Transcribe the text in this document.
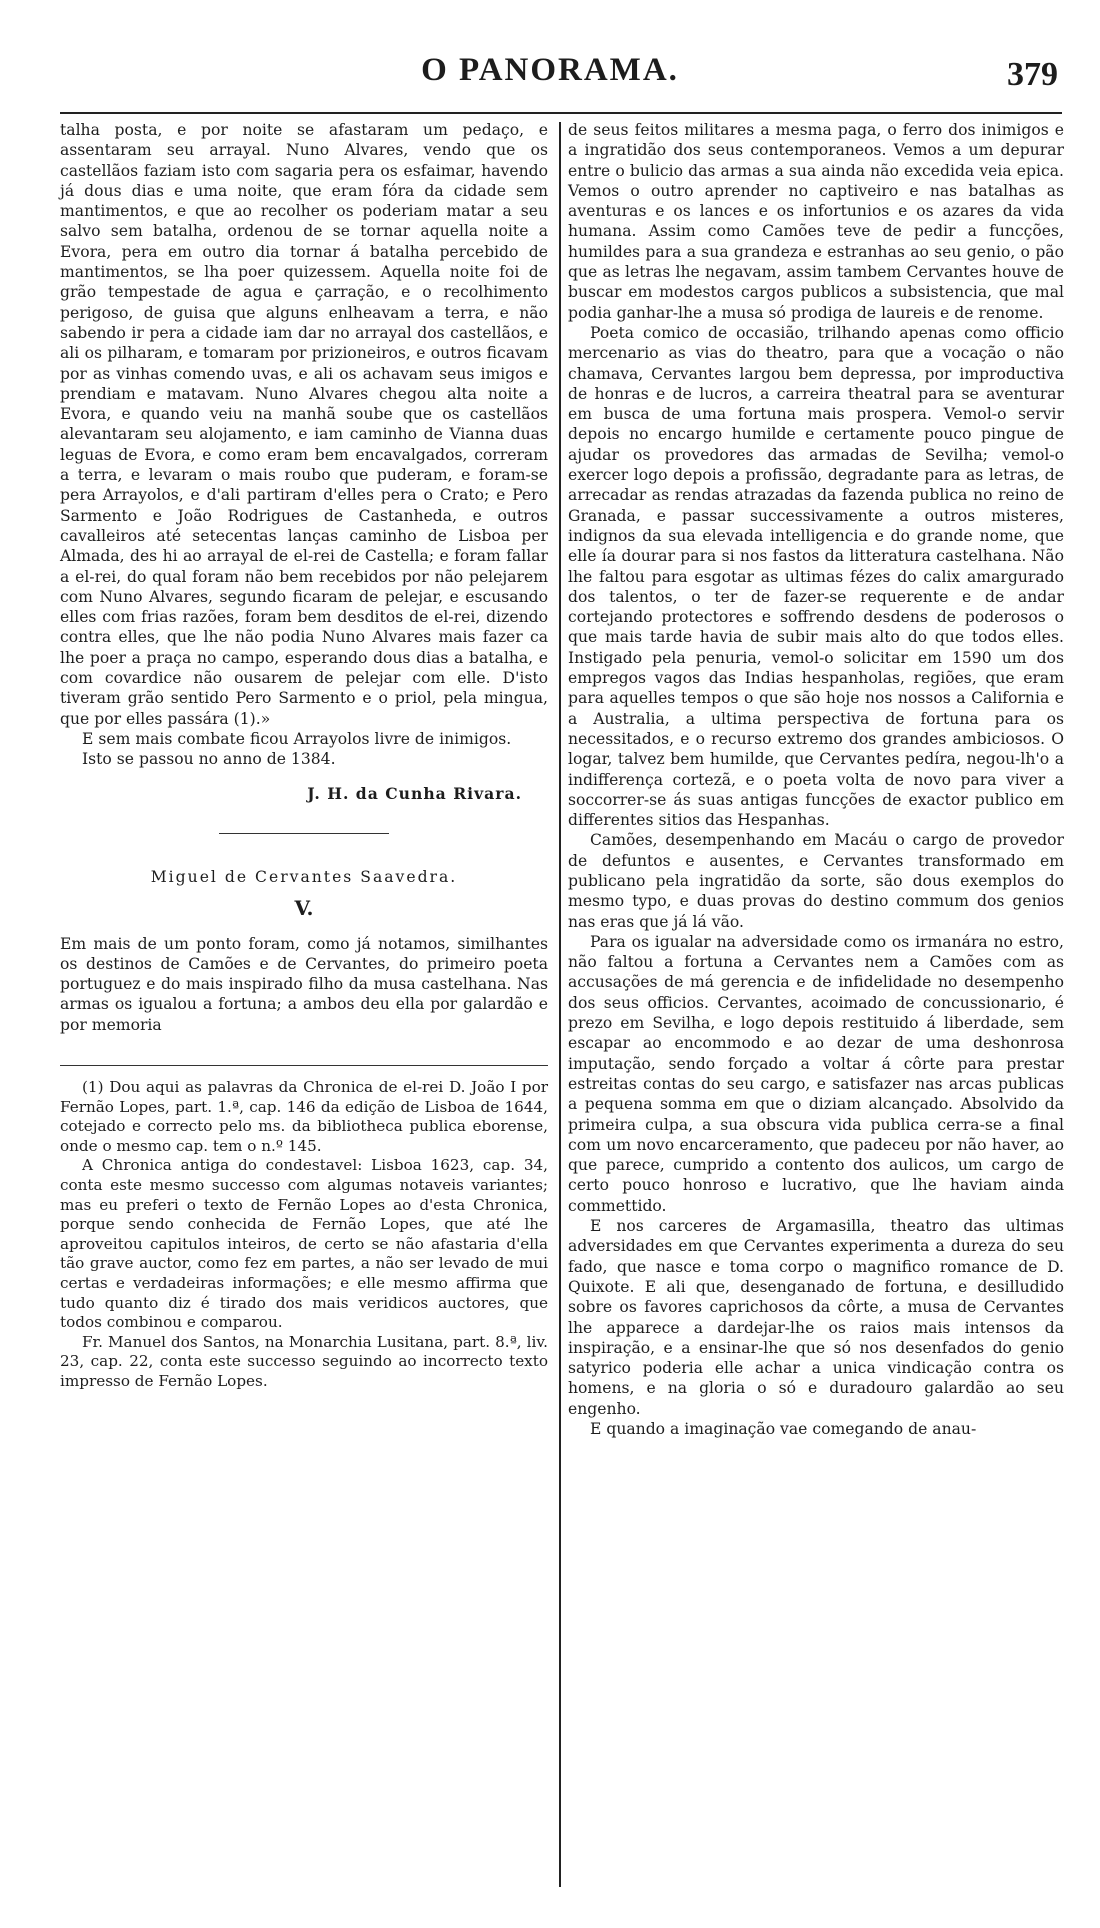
O PANORAMA.	379

talha posta, e por noite se afastaram um pedaço, e assentaram seu arrayal. Nuno Alvares, vendo que os castellãos faziam isto com sagaria pera os esfaimar, havendo já dous dias e uma noite, que eram fóra da cidade sem mantimentos, e que ao recolher os poderiam matar a seu salvo sem batalha, ordenou de se tornar aquella noite a Evora, pera em outro dia tornar á batalha percebido de mantimentos, se lha poer quizessem. Aquella noite foi de grão tempestade de agua e çarração, e o recolhimento perigoso, de guisa que alguns enlheavam a terra, e não sabendo ir pera a cidade iam dar no arrayal dos castellãos, e ali os pilharam, e tomaram por prizioneiros, e outros ficavam por as vinhas comendo uvas, e ali os achavam seus imigos e prendiam e matavam. Nuno Alvares chegou alta noite a Evora, e quando veiu na manhã soube que os castellãos alevantaram seu alojamento, e iam caminho de Vianna duas leguas de Evora, e como eram bem encavalgados, correram a terra, e levaram o mais roubo que puderam, e foram-se pera Arrayolos, e d'ali partiram d'elles pera o Crato; e Pero Sarmento e João Rodrigues de Castanheda, e outros cavalleiros até setecentas lanças caminho de Lisboa per Almada, des hi ao arrayal de el-rei de Castella; e foram fallar a el-rei, do qual foram não bem recebidos por não pelejarem com Nuno Alvares, segundo ficaram de pelejar, e escusando elles com frias razões, foram bem desditos de el-rei, dizendo contra elles, que lhe não podia Nuno Alvares mais fazer ca lhe poer a praça no campo, esperando dous dias a batalha, e com covardice não ousarem de pelejar com elle. D'isto tiveram grão sentido Pero Sarmento e o priol, pela mingua, que por elles passára (1).»

E sem mais combate ficou Arrayolos livre de inimigos.

Isto se passou no anno de 1384.

J. H. da Cunha Rivara.

Miguel de Cervantes Saavedra.

V.

Em mais de um ponto foram, como já notamos, similhantes os destinos de Camões e de Cervantes, do primeiro poeta portuguez e do mais inspirado filho da musa castelhana. Nas armas os igualou a fortuna; a ambos deu ella por galardão e por memoria

(1) Dou aqui as palavras da Chronica de el-rei D. João I por Fernão Lopes, part. 1.ª, cap. 146 da edição de Lisboa de 1644, cotejado e correcto pelo ms. da bibliotheca publica eborense, onde o mesmo cap. tem o n.º 145.

A Chronica antiga do condestavel: Lisboa 1623, cap. 34, conta este mesmo successo com algumas notaveis variantes; mas eu preferi o texto de Fernão Lopes ao d'esta Chronica, porque sendo conhecida de Fernão Lopes, que até lhe aproveitou capitulos inteiros, de certo se não afastaria d'ella tão grave auctor, como fez em partes, a não ser levado de mui certas e verdadeiras informações; e elle mesmo affirma que tudo quanto diz é tirado dos mais veridicos auctores, que todos combinou e comparou.

Fr. Manuel dos Santos, na Monarchia Lusitana, part. 8.ª, liv. 23, cap. 22, conta este successo seguindo ao incorrecto texto impresso de Fernão Lopes.

de seus feitos militares a mesma paga, o ferro dos inimigos e a ingratidão dos seus contemporaneos. Vemos a um depurar entre o bulicio das armas a sua ainda não excedida veia epica. Vemos o outro aprender no captiveiro e nas batalhas as aventuras e os lances e os infortunios e os azares da vida humana. Assim como Camões teve de pedir a funcções, humildes para a sua grandeza e estranhas ao seu genio, o pão que as letras lhe negavam, assim tambem Cervantes houve de buscar em modestos cargos publicos a subsistencia, que mal podia ganhar-lhe a musa só prodiga de laureis e de renome.

Poeta comico de occasião, trilhando apenas como officio mercenario as vias do theatro, para que a vocação o não chamava, Cervantes largou bem depressa, por improductiva de honras e de lucros, a carreira theatral para se aventurar em busca de uma fortuna mais prospera. Vemol-o servir depois no encargo humilde e certamente pouco pingue de ajudar os provedores das armadas de Sevilha; vemol-o exercer logo depois a profissão, degradante para as letras, de arrecadar as rendas atrazadas da fazenda publica no reino de Granada, e passar successivamente a outros misteres, indignos da sua elevada intelligencia e do grande nome, que elle ía dourar para si nos fastos da litteratura castelhana. Não lhe faltou para esgotar as ultimas fézes do calix amargurado dos talentos, o ter de fazer-se requerente e de andar cortejando protectores e soffrendo desdens de poderosos o que mais tarde havia de subir mais alto do que todos elles. Instigado pela penuria, vemol-o solicitar em 1590 um dos empregos vagos das Indias hespanholas, regiões, que eram para aquelles tempos o que são hoje nos nossos a California e a Australia, a ultima perspectiva de fortuna para os necessitados, e o recurso extremo dos grandes ambiciosos. O logar, talvez bem humilde, que Cervantes pedíra, negou-lh'o a indifferença cortezã, e o poeta volta de novo para viver a soccorrer-se ás suas antigas funcções de exactor publico em differentes sitios das Hespanhas.

Camões, desempenhando em Macáu o cargo de provedor de defuntos e ausentes, e Cervantes transformado em publicano pela ingratidão da sorte, são dous exemplos do mesmo typo, e duas provas do destino commum dos genios nas eras que já lá vão.

Para os igualar na adversidade como os irmanára no estro, não faltou a fortuna a Cervantes nem a Camões com as accusações de má gerencia e de infidelidade no desempenho dos seus officios. Cervantes, acoimado de concussionario, é prezo em Sevilha, e logo depois restituido á liberdade, sem escapar ao encommodo e ao dezar de uma deshonrosa imputação, sendo forçado a voltar á côrte para prestar estreitas contas do seu cargo, e satisfazer nas arcas publicas a pequena somma em que o diziam alcançado. Absolvido da primeira culpa, a sua obscura vida publica cerra-se a final com um novo encarceramento, que padeceu por não haver, ao que parece, cumprido a contento dos aulicos, um cargo de certo pouco honroso e lucrativo, que lhe haviam ainda commettido.

E nos carceres de Argamasilla, theatro das ultimas adversidades em que Cervantes experimenta a dureza do seu fado, que nasce e toma corpo o magnifico romance de D. Quixote. E ali que, desenganado de fortuna, e desilludido sobre os favores caprichosos da côrte, a musa de Cervantes lhe apparece a dardejar-lhe os raios mais intensos da inspiração, e a ensinar-lhe que só nos desenfados do genio satyrico poderia elle achar a unica vindicação contra os homens, e na gloria o só e duradouro galardão ao seu engenho.

E quando a imaginação vae comegando de anau-
